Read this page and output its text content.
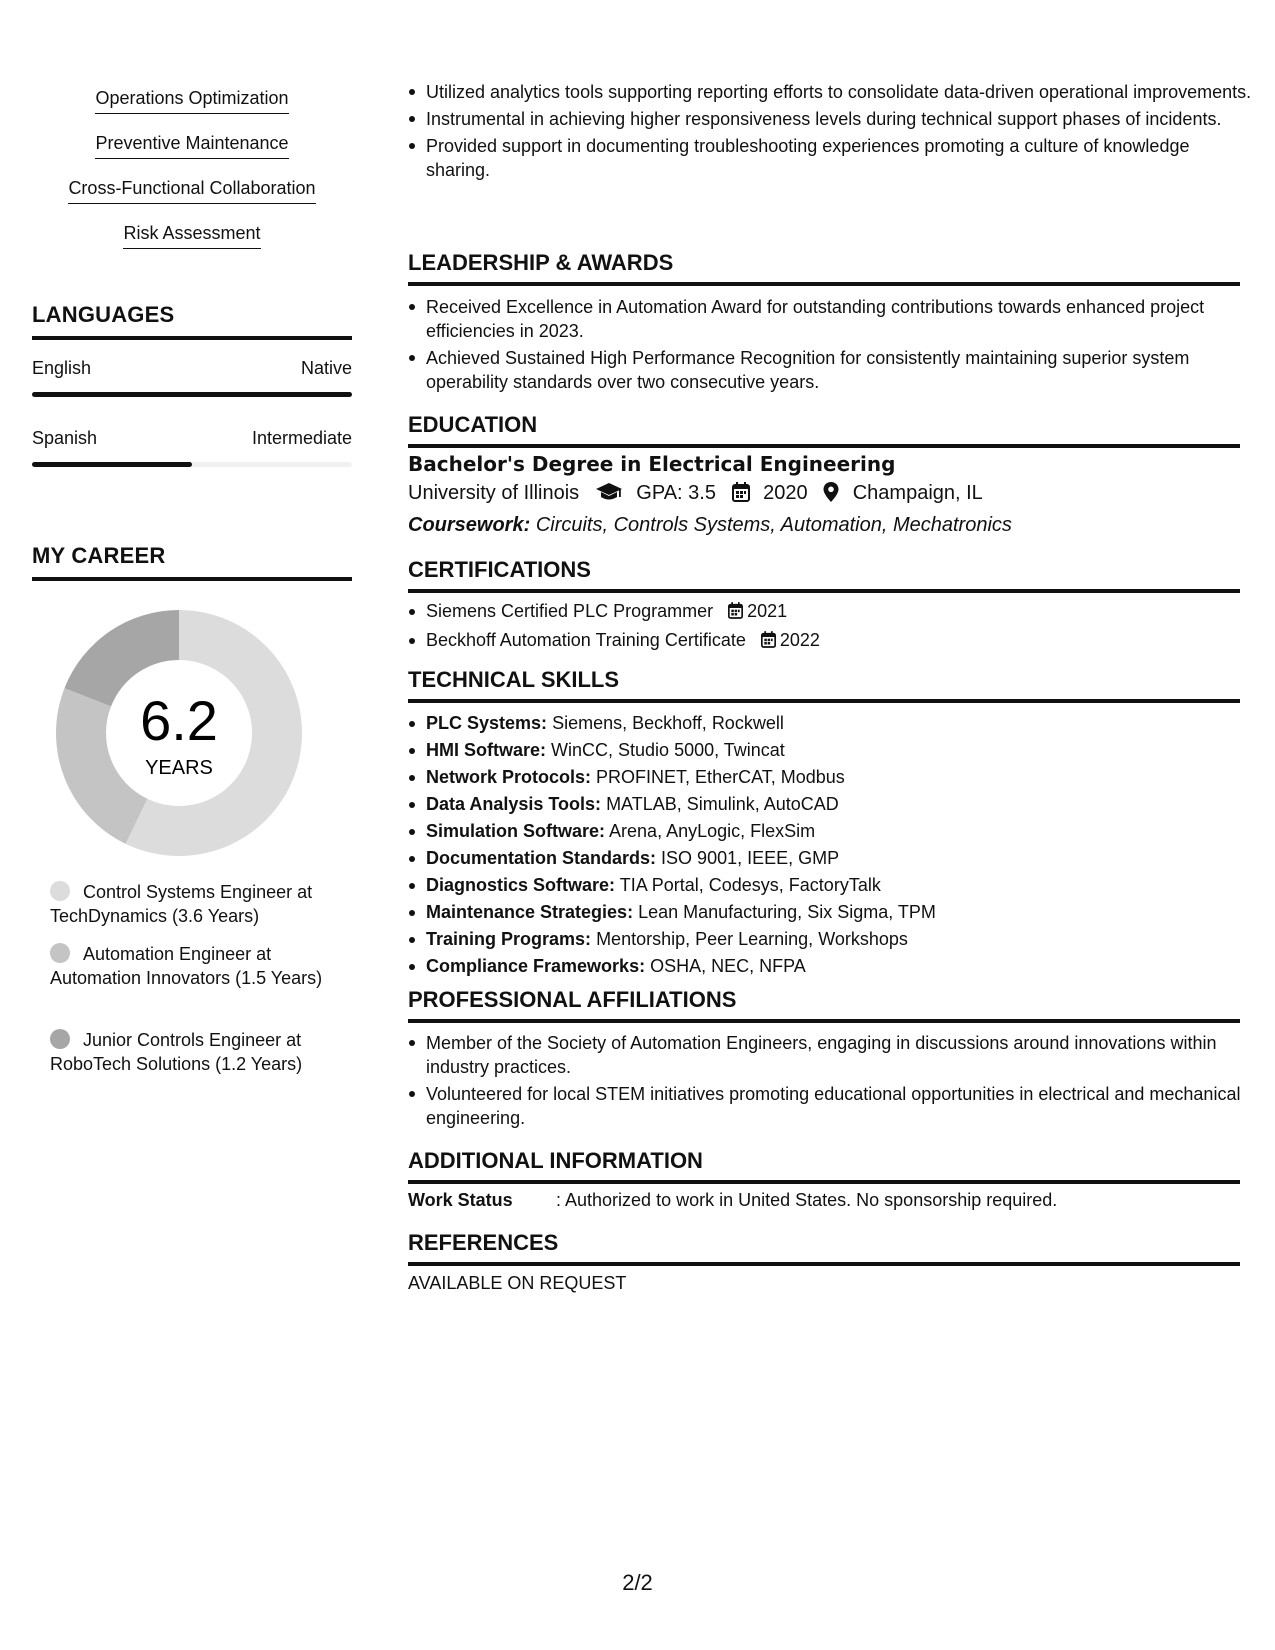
Operations Optimization
Preventive Maintenance
Cross-Functional Collaboration
Risk Assessment
LANGUAGES
English	Native
Spanish	Intermediate
MY CAREER
6.2
YEARS
Control Systems Engineer at TechDynamics (3.6 Years)
Automation Engineer at Automation Innovators (1.5 Years)
Junior Controls Engineer at RoboTech Solutions (1.2 Years)
Utilized analytics tools supporting reporting efforts to consolidate data-driven operational improvements.
Instrumental in achieving higher responsiveness levels during technical support phases of incidents.
Provided support in documenting troubleshooting experiences promoting a culture of knowledge sharing.
LEADERSHIP & AWARDS
Received Excellence in Automation Award for outstanding contributions towards enhanced project efficiencies in 2023.
Achieved Sustained High Performance Recognition for consistently maintaining superior system operability standards over two consecutive years.
EDUCATION
Bachelor's Degree in Electrical Engineering
University of Illinois	GPA: 3.5 2020 Champaign, IL
Coursework: Circuits, Controls Systems, Automation, Mechatronics
CERTIFICATIONS
Siemens Certified PLC Programmer 2021
Beckhoff Automation Training Certificate 2022
TECHNICAL SKILLS
PLC Systems: Siemens, Beckhoff, Rockwell
HMI Software: WinCC, Studio 5000, Twincat
Network Protocols: PROFINET, EtherCAT, Modbus
Data Analysis Tools: MATLAB, Simulink, AutoCAD
Simulation Software: Arena, AnyLogic, FlexSim
Documentation Standards: ISO 9001, IEEE, GMP
Diagnostics Software: TIA Portal, Codesys, FactoryTalk
Maintenance Strategies: Lean Manufacturing, Six Sigma, TPM
Training Programs: Mentorship, Peer Learning, Workshops
Compliance Frameworks: OSHA, NEC, NFPA
PROFESSIONAL AFFILIATIONS
Member of the Society of Automation Engineers, engaging in discussions around innovations within industry practices.
Volunteered for local STEM initiatives promoting educational opportunities in electrical and mechanical engineering.
ADDITIONAL INFORMATION
Work Status : Authorized to work in United States. No sponsorship required.
REFERENCES
AVAILABLE ON REQUEST
2/2
